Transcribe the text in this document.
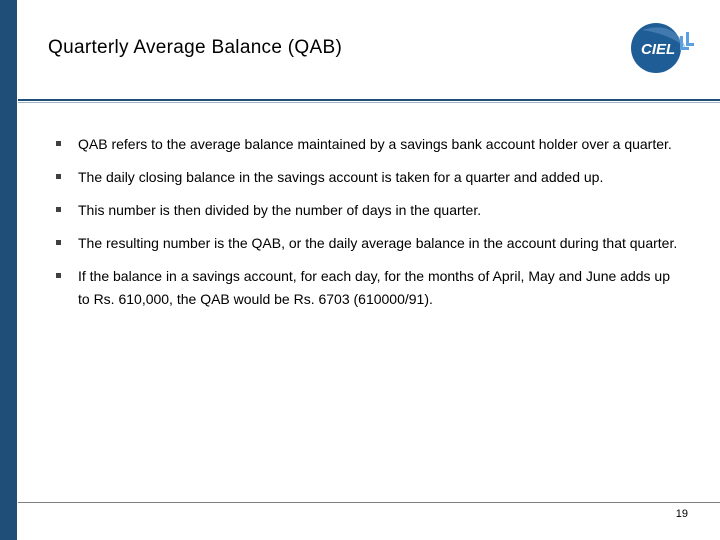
Quarterly Average Balance (QAB)	CIEL
QAB refers to the average balance maintained by a savings bank account holder over a quarter.
The daily closing balance in the savings account is taken for a quarter and added up.
This number is then divided by the number of days in the quarter.
The resulting number is the QAB, or the daily average balance in the account during that quarter.
If the balance in a savings account, for each day, for the months of April, May and June adds up to Rs. 610,000, the QAB would be Rs. 6703 (610000/91).
19
